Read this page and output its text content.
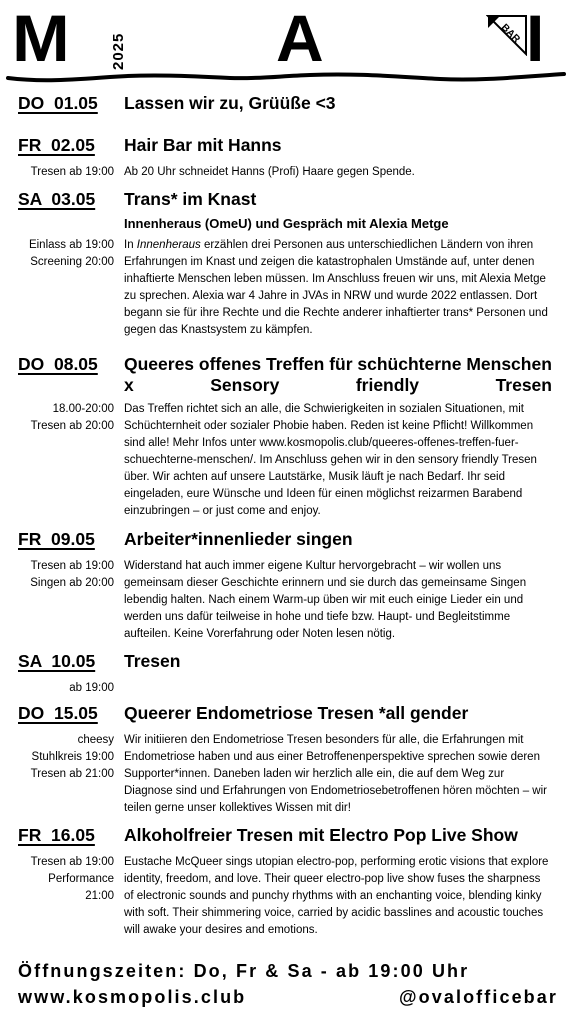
M	2025 A	I
BAR
DO  01.05	Lassen wir zu, Grüüße <3
FR  02.05	Hair Bar mit Hanns
Tresen ab 19:00 Ab 20 Uhr schneidet Hanns (Profi) Haare gegen Spende.
SA  03.05	Trans* im Knast
Innenheraus (OmeU) und Gespräch mit Alexia Metge
Einlass ab 19:00
Screening 20:00
In Innenheraus erzählen drei Personen aus unterschiedlichen Ländern von ihren Erfahrungen im Knast und zeigen die katastrophalen Umstände auf, unter denen inhaftierte Menschen leben müssen. Im Anschluss freuen wir uns, mit Alexia Metge zu sprechen. Alexia war 4 Jahre in JVAs in NRW und wurde 2022 entlassen. Dort begann sie für ihre Rechte und die Rechte anderer inhaftierter trans* Personen und gegen das Knastsystem zu kämpfen.
DO  08.05	Queeres offenes Treffen für schüchterne Menschen
x	Sensory	friendly	Tresen
18.00-20:00
Tresen ab 20:00
Das Treffen richtet sich an alle, die Schwierigkeiten in sozialen Situationen, mit Schüchternheit oder sozialer Phobie haben. Reden ist keine Pflicht! Willkommen sind alle! Mehr Infos unter www.kosmopolis.club/queeres-offenes-treffen-fuer-schuechterne-menschen/. Im Anschluss gehen wir in den sensory friendly Tresen über. Wir achten auf unsere Lautstärke, Musik läuft je nach Bedarf. Ihr seid eingeladen, eure Wünsche und Ideen für einen möglichst reizarmen Barabend einzubringen – or just come and enjoy.
FR  09.05	Arbeiter*innenlieder singen
Tresen ab 19:00
Singen ab 20:00
Widerstand hat auch immer eigene Kultur hervorgebracht – wir wollen uns gemeinsam dieser Geschichte erinnern und sie durch das gemeinsame Singen lebendig halten. Nach einem Warm-up üben wir mit euch einige Lieder ein und werden uns dafür teilweise in hohe und tiefe bzw. Haupt- und Begleitstimme aufteilen. Keine Vorerfahrung oder Noten lesen nötig.
SA  10.05	Tresen
ab 19:00
DO  15.05	Queerer Endometriose Tresen *all gender
cheesy
Stuhlkreis 19:00
Tresen ab 21:00
Wir initiieren den Endometriose Tresen besonders für alle, die Erfahrungen mit Endometriose haben und aus einer Betroffenenperspektive sprechen sowie deren Supporter*innen. Daneben laden wir herzlich alle ein, die auf dem Weg zur Diagnose sind und Erfahrungen von Endometriosebetroffenen hören möchten – wir teilen gerne unser kollektives Wissen mit dir!
FR  16.05	Alkoholfreier Tresen mit Electro Pop Live Show
Tresen ab 19:00
Performance
21:00
Eustache McQueer sings utopian electro-pop, performing erotic visions that explore identity, freedom, and love. Their queer electro-pop live show fuses the sharpness of electronic sounds and punchy rhythms with an enchanting voice, blending kinky with soft. Their shimmering voice, carried by acidic basslines and acoustic touches will awake your desires and emotions.
Öffnungszeiten: Do, Fr & Sa - ab 19:00 Uhr
www.kosmopolis.club	@ovalofficebar
